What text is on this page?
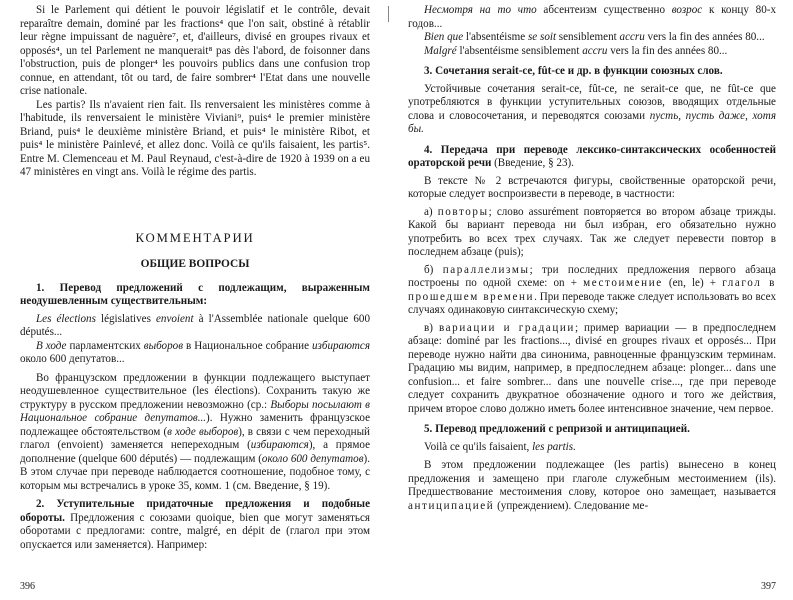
Si le Parlement qui détient le pouvoir législatif et le contrôle, devait reparaître demain, dominé par les fractions⁴ que l'on sait, obstiné à rétablir leur règne impuissant de naguère⁷, et, d'ailleurs, divisé en groupes rivaux et opposés⁴, un tel Parlement ne manquerait⁸ pas dès l'abord, de foisonner dans l'obstruction, puis de plonger⁴ les pouvoirs publics dans une confusion trop connue, en attendant, tôt ou tard, de faire sombrer⁴ l'Etat dans une nouvelle crise nationale.

Les partis? Ils n'avaient rien fait. Ils renversaient les ministères comme à l'habitude, ils renversaient le ministère Viviani⁹, puis⁴ le premier ministère Briand, puis⁴ le deuxième ministère Briand, et puis⁴ le ministère Ribot, et puis⁴ le ministère Painlevé, et allez donc. Voilà ce qu'ils faisaient, les partis⁵. Entre M. Clemenceau et M. Paul Reynaud, c'est-à-dire de 1920 à 1939 on a eu 47 ministères en vingt ans. Voilà le régime des partis.

КОММЕНТАРИИ

ОБЩИЕ ВОПРОСЫ

1. Перевод предложений с подлежащим, выраженным неодушевленным существительным:

Les élections législatives envoient à l'Assemblée nationale quelque 600 députés...

В ходе парламентских выборов в Национальное собрание избираются около 600 депутатов...

Во французском предложении в функции подлежащего выступает неодушевленное существительное (les élections). Сохранить такую же структуру в русском предложении невозможно (ср.: Выборы посылают в Национальное собрание депутатов...). Нужно заменить французское подлежащее обстоятельством (в ходе выборов), в связи с чем переходный глагол (envoient) заменяется непереходным (избираются), а прямое дополнение (quelque 600 députés) — подлежащим (около 600 депутатов). В этом случае при переводе наблюдается соотношение, подобное тому, с которым мы встречались в уроке 35, комм. 1 (см. Введение, § 19).

2. Уступительные придаточные предложения и подобные обороты. Предложения с союзами quoique, bien que могут заменяться оборотами с предлогами: contre, malgré, en dépit de (глагол при этом опускается или заменяется). Например:

396

Несмотря на то что абсентеизм существенно возрос к концу 80-х годов...

Bien que l'absentéisme se soit sensiblement accru vers la fin des années 80...

Malgré l'absentéisme sensiblement accru vers la fin des années 80...

3. Сочетания serait-ce, fût-ce и др. в функции союзных слов.

Устойчивые сочетания serait-ce, fût-ce, ne serait-ce que, ne fût-ce que употребляются в функции уступительных союзов, вводящих отдельные слова и словосочетания, и переводятся союзами пусть, пусть даже, хотя бы.

4. Передача при переводе лексико-синтаксических особенностей ораторской речи (Введение, § 23).

В тексте № 2 встречаются фигуры, свойственные ораторской речи, которые следует воспроизвести в переводе, в частности:

а) повторы; слово assurément повторяется во втором абзаце трижды. Какой бы вариант перевода ни был избран, его обязательно нужно употребить во всех трех случаях. Так же следует перевести повтор в последнем абзаце (puis);

б) параллелизмы; три последних предложения первого абзаца построены по одной схеме: on + местоимение (en, le) + глагол в прошедшем времени. При переводе также следует использовать во всех случаях одинаковую синтаксическую схему;

в) вариации и градации; пример вариации — в предпоследнем абзаце: dominé par les fractions..., divisé en groupes rivaux et opposés... При переводе нужно найти два синонима, равноценные французским терминам. Градацию мы видим, например, в предпоследнем абзаце: plonger... dans une confusion... et faire sombrer... dans une nouvelle crise..., где при переводе следует сохранить двукратное обозначение одного и того же действия, причем второе слово должно иметь более интенсивное значение, чем первое.

5. Перевод предложений с репризой и антиципацией.

Voilà ce qu'ils faisaient, les partis.

В этом предложении подлежащее (les partis) вынесено в конец предложения и замещено при глаголе служебным местоимением (ils). Предшествование местоимения слову, которое оно замещает, называется антиципацией (упреждением). Следование ме-

397
